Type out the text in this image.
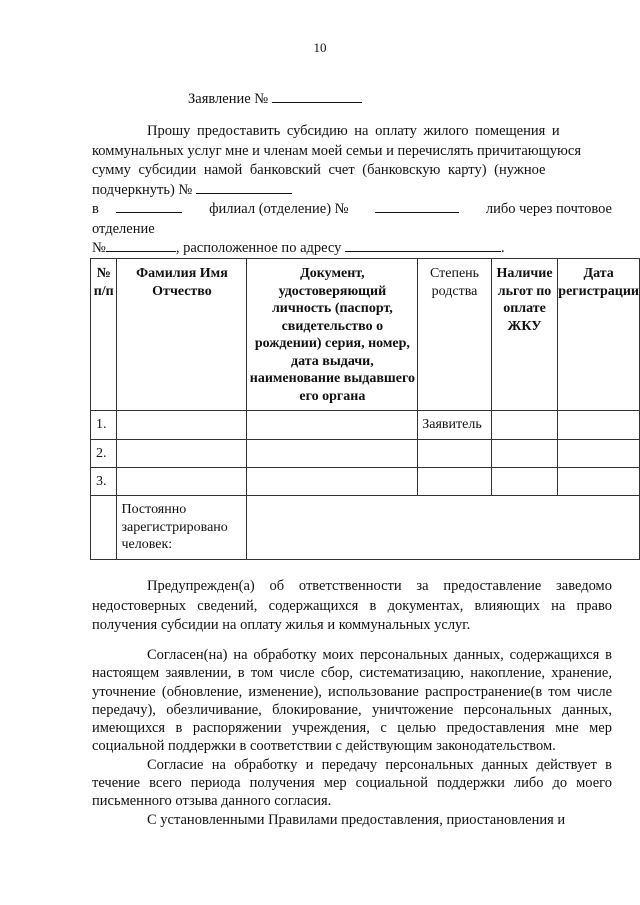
10
Заявление №
Прошу предоставить субсидию на оплату жилого помещения и
коммунальных услуг мне и членам моей семьи и перечислять причитающуюся
сумму субсидии намой банковский счет (банковскую карту) (нужное
подчеркнуть) №
в	филиал (отделение) №	либо через почтовое
отделение
№	, расположенное по адресу	.
№ п/п	Фамилия Имя Отчество	Документ, удостоверяющий личность (паспорт, свидетельство о рождении) серия, номер, дата выдачи, наименование выдавшего его органа	Степень родства	Наличие льгот по оплате ЖКУ	Дата регистрации
1.			Заявитель		
2.					
3.					
	Постоянно зарегистрировано человек:				

Предупрежден(а) об ответственности за предоставление заведомо недостоверных сведений, содержащихся в документах, влияющих на право получения субсидии на оплату жилья и коммунальных услуг.

Согласен(на) на обработку моих персональных данных, содержащихся в настоящем заявлении, в том числе сбор, систематизацию, накопление, хранение, уточнение (обновление, изменение), использование распространение(в том числе передачу), обезличивание, блокирование, уничтожение персональных данных, имеющихся в распоряжении учреждения, с целью предоставления мне мер социальной поддержки в соответствии с действующим законодательством.

Согласие на обработку и передачу персональных данных действует в течение всего периода получения мер социальной поддержки либо до моего письменного отзыва данного согласия.

С установленными Правилами предоставления, приостановления и
